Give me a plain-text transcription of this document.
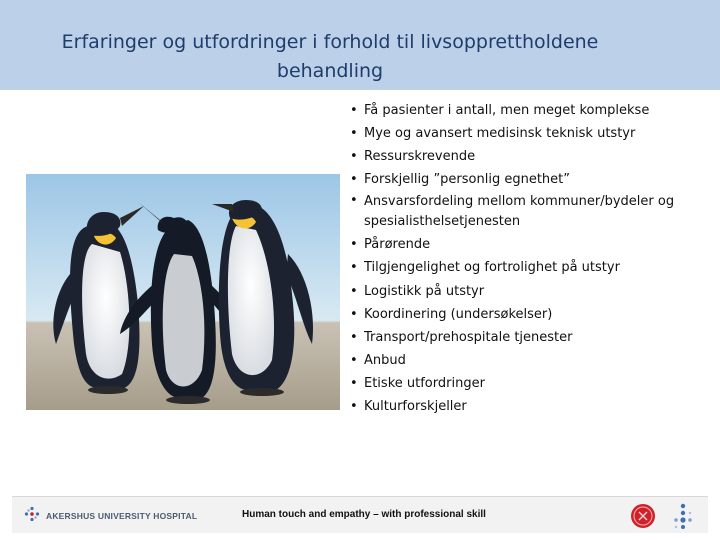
Erfaringer og utfordringer i forhold til livsopprettholdene behandling
• Få pasienter i antall, men meget komplekse
• Mye og avansert medisinsk teknisk utstyr
• Ressurskrevende
• Forskjellig ”personlig egnethet”
• Ansvarsfordeling mellom kommuner/bydeler og spesialisthelsetjenesten
• Pårørende
• Tilgjengelighet og fortrolighet på utstyr
• Logistikk på utstyr
• Koordinering (undersøkelser)
• Transport/prehospitale tjenester
• Anbud
• Etiske utfordringer
• Kulturforskjeller
AKERSHUS UNIVERSITY HOSPITAL	Human touch and empathy – with professional skill
